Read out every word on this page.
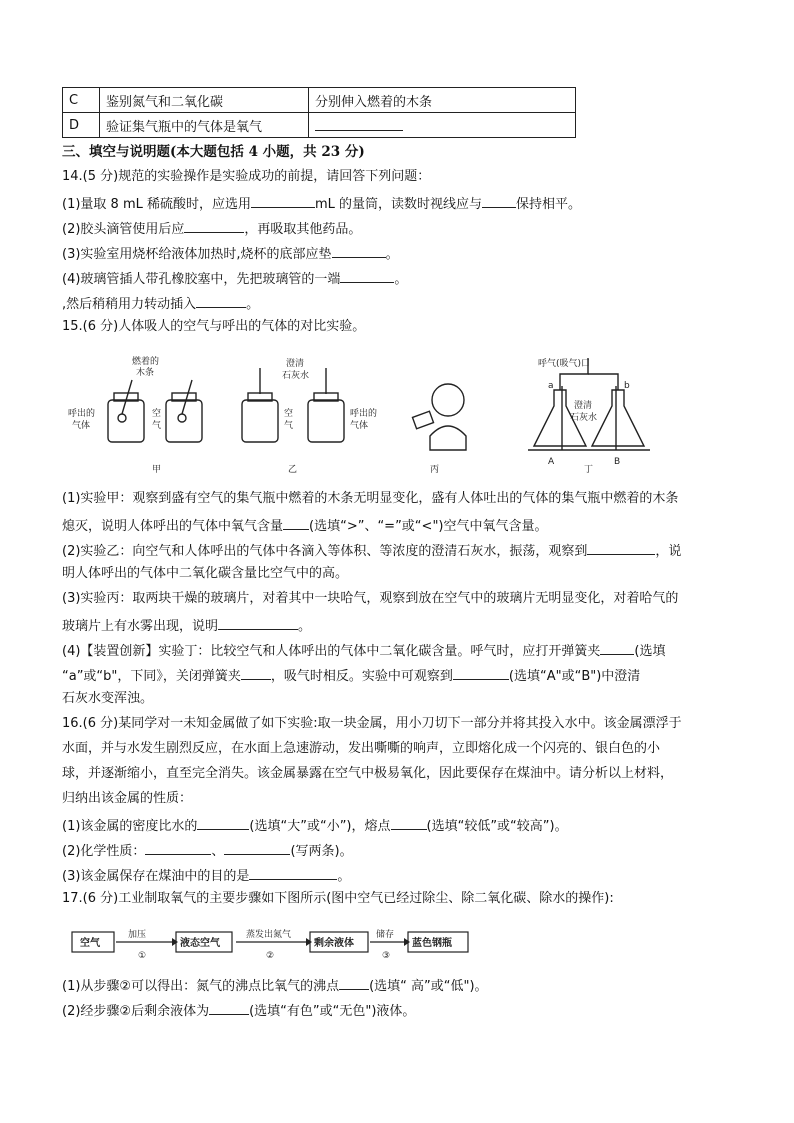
C	鉴别氮气和二氧化碳	分别伸入燃着的木条
D	验证集气瓶中的气体是氧气	
三、填空与说明题(本大题包括 4 小题，共 23 分)
14.(5 分)规范的实验操作是实验成功的前提，请回答下列问题：
(1)量取 8 mL 稀硫酸时，应选用	mL 的量筒，读数时视线应与	保持相平。
(2)胶头滴管使用后应	，再吸取其他药品。
(3)实验室用烧杯给液体加热时,烧杯的底部应垫	。
(4)玻璃管插人带孔橡胶塞中，先把玻璃管的一端	。
,然后稍稍用力转动插入	。
15.(6 分)人体吸人的空气与呼出的气体的对比实验。
燃着的
木条
呼出的
气体
空
气
澄清
石灰水
呼出的
气体
空
气
呼气(吸气)口
a	b
澄清
石灰水
A	B
甲	乙	丙	丁
(1)实验甲：观察到盛有空气的集气瓶中燃着的木条无明显变化，盛有人体吐出的气体的集气瓶中燃着的木条
熄灭，说明人体呼出的气体中氧气含量 (选填“>”、“=”或“<")空气中氧气含量。
(2)实验乙：向空气和人体呼出的气体中各滴入等体积、等浓度的澄清石灰水，振荡，观察到	，说
明人体呼出的气体中二氧化碳含量比空气中的高。
(3)实验丙：取两块干燥的玻璃片，对着其中一块哈气，观察到放在空气中的玻璃片无明显变化，对着哈气的
玻璃片上有水雾出现，说明	。
(4)【装置创新】实验丁：比较空气和人体呼出的气体中二氧化碳含量。呼气时，应打开弹簧夹	(选填
“a”或“b"，下同》，关闭弹簧夹 ，吸气时相反。实验中可观察到	(选填“A"或“B")中澄清
石灰水变浑浊。
16.(6 分)某同学对一未知金属做了如下实验:取一块金属，用小刀切下一部分并将其投入水中。该金属漂浮于
水面，并与水发生剧烈反应，在水面上急速游动，发出嘶嘶的响声，立即熔化成一个闪亮的、银白色的小
球，并逐渐缩小，直至完全消失。该金属暴露在空气中极易氧化，因此要保存在煤油中。请分析以上材料，
归纳出该金属的性质：
(1)该金属的密度比水的	(选填“大”或“小”)，熔点	(选填“较低”或“较高”)。
(2)化学性质：	、	(写两条)。
(3)该金属保存在煤油中的目的是	。
17.(6 分)工业制取氧气的主要步骤如下图所示(图中空气已经过除尘、除二氧化碳、除水的操作):
空气	液态空气	剩余液体	蓝色钢瓶
加压
①
蒸发出氮气
②
储存
③
(1)从步骤②可以得出：氮气的沸点比氧气的沸点 (选填“ 高”或“低")。
(2)经步骤②后剩余液体为	(选填“有色”或“无色")液体。
